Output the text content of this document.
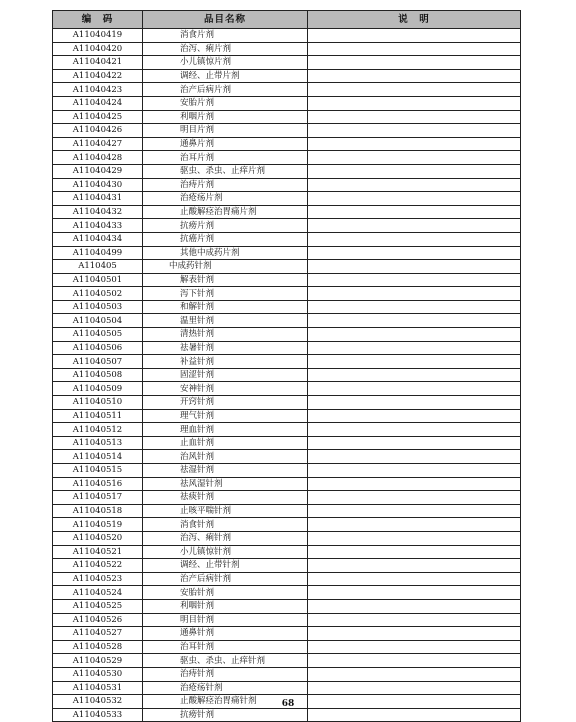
编　码	品目名称	说　明
A11040419	消食片剂	
A11040420	治泻、痢片剂	
A11040421	小儿镇惊片剂	
A11040422	调经、止带片剂	
A11040423	治产后病片剂	
A11040424	安胎片剂	
A11040425	利咽片剂	
A11040426	明目片剂	
A11040427	通鼻片剂	
A11040428	治耳片剂	
A11040429	驱虫、杀虫、止痒片剂	
A11040430	治痔片剂	
A11040431	治疮疡片剂	
A11040432	止酸解痉治胃痛片剂	
A11040433	抗痨片剂	
A11040434	抗癌片剂	
A11040499	其他中成药片剂	
A110405	中成药针剂	
A11040501	解表针剂	
A11040502	泻下针剂	
A11040503	和解针剂	
A11040504	温里针剂	
A11040505	清热针剂	
A11040506	祛暑针剂	
A11040507	补益针剂	
A11040508	固涩针剂	
A11040509	安神针剂	
A11040510	开窍针剂	
A11040511	理气针剂	
A11040512	理血针剂	
A11040513	止血针剂	
A11040514	治风针剂	
A11040515	祛湿针剂	
A11040516	祛风湿针剂	
A11040517	祛痰针剂	
A11040518	止咳平喘针剂	
A11040519	消食针剂	
A11040520	治泻、痢针剂	
A11040521	小儿镇惊针剂	
A11040522	调经、止带针剂	
A11040523	治产后病针剂	
A11040524	安胎针剂	
A11040525	利咽针剂	
A11040526	明目针剂	
A11040527	通鼻针剂	
A11040528	治耳针剂	
A11040529	驱虫、杀虫、止痒针剂	
A11040530	治痔针剂	
A11040531	治疮疡针剂	
A11040532	止酸解痉治胃痛针剂	
A11040533	抗痨针剂	
68
